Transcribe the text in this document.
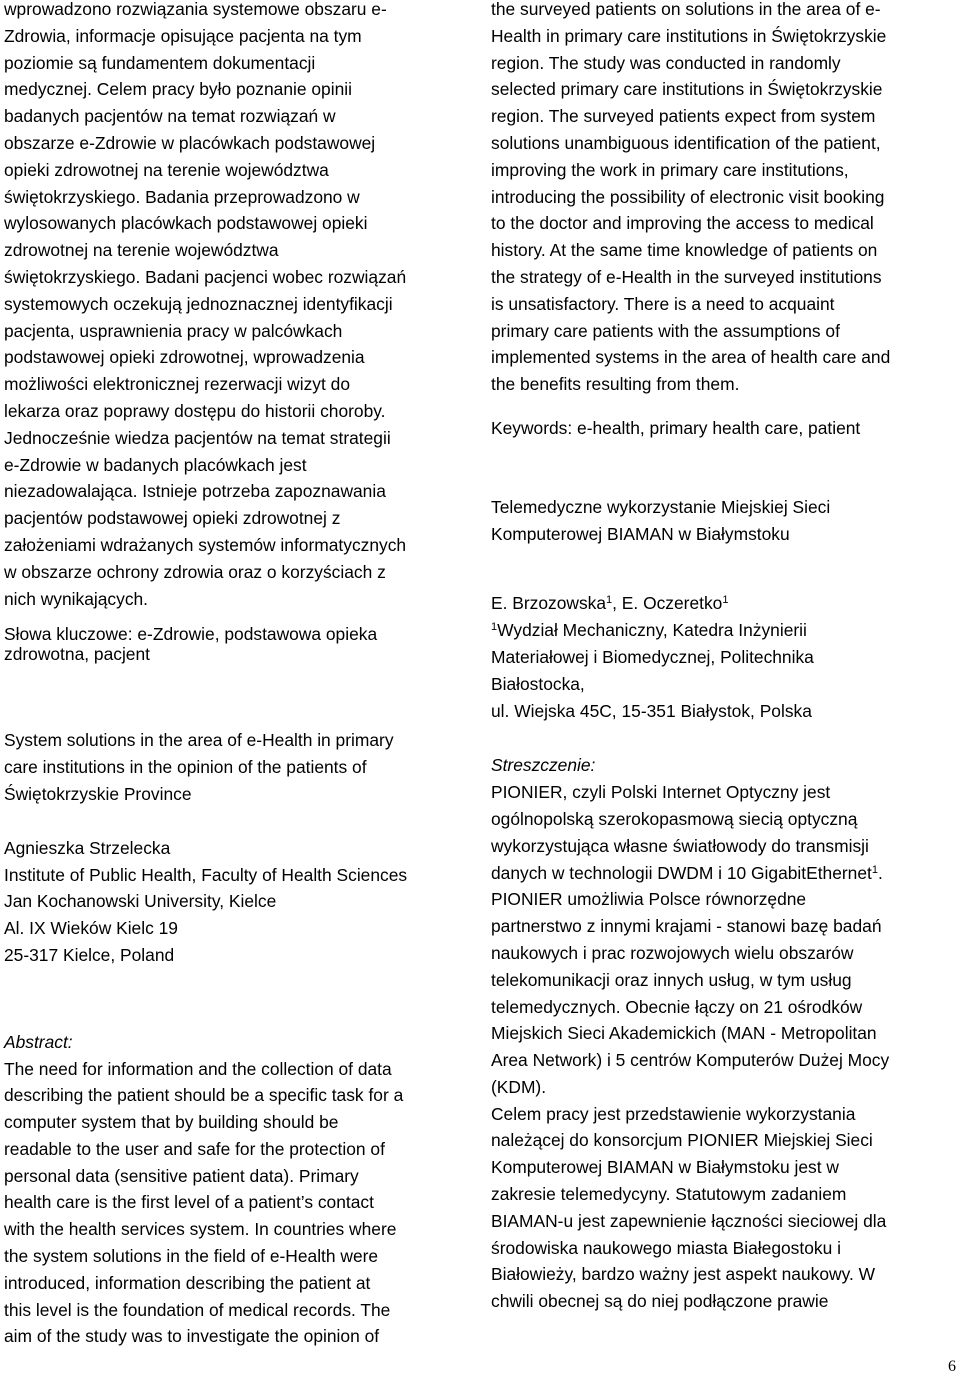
wprowadzono rozwiązania systemowe obszaru e-
Zdrowia, informacje opisujące pacjenta na tym
poziomie są fundamentem dokumentacji
medycznej. Celem pracy było poznanie opinii
badanych pacjentów na temat rozwiązań w
obszarze e-Zdrowie w placówkach podstawowej
opieki zdrowotnej na terenie województwa
świętokrzyskiego. Badania przeprowadzono w
wylosowanych placówkach podstawowej opieki
zdrowotnej na terenie województwa
świętokrzyskiego. Badani pacjenci wobec rozwiązań
systemowych oczekują jednoznacznej identyfikacji
pacjenta, usprawnienia pracy w palcówkach
podstawowej opieki zdrowotnej, wprowadzenia
możliwości elektronicznej rezerwacji wizyt do
lekarza oraz poprawy dostępu do historii choroby.
Jednocześnie wiedza pacjentów na temat strategii
e-Zdrowie w badanych placówkach jest
niezadowalająca. Istnieje potrzeba zapoznawania
pacjentów podstawowej opieki zdrowotnej z
założeniami wdrażanych systemów informatycznych
w obszarze ochrony zdrowia oraz o korzyściach z
nich wynikających.

Słowa kluczowe: e-Zdrowie, podstawowa opieka
zdrowotna, pacjent

System solutions in the area of e-Health in primary
care institutions in the opinion of the patients of
Świętokrzyskie Province

Agnieszka Strzelecka
Institute of Public Health, Faculty of Health Sciences
Jan Kochanowski University, Kielce
Al. IX Wieków Kielc 19
25-317 Kielce, Poland

Abstract:

The need for information and the collection of data
describing the patient should be a specific task for a
computer system that by building should be
readable to the user and safe for the protection of
personal data (sensitive patient data). Primary
health care is the first level of a patient’s contact
with the health services system. In countries where
the system solutions in the field of e-Health were
introduced, information describing the patient at
this level is the foundation of medical records. The
aim of the study was to investigate the opinion of

the surveyed patients on solutions in the area of e-
Health in primary care institutions in Świętokrzyskie
region. The study was conducted in randomly
selected primary care institutions in Świętokrzyskie
region. The surveyed patients expect from system
solutions unambiguous identification of the patient,
improving the work in primary care institutions,
introducing the possibility of electronic visit booking
to the doctor and improving the access to medical
history. At the same time knowledge of patients on
the strategy of e-Health in the surveyed institutions
is unsatisfactory. There is a need to acquaint
primary care patients with the assumptions of
implemented systems in the area of health care and
the benefits resulting from them.

Keywords: e-health, primary health care, patient

Telemedyczne wykorzystanie Miejskiej Sieci
Komputerowej BIAMAN w Białymstoku

E. Brzozowska$^1$, E. Oczeretko$^1$

$^1$Wydział Mechaniczny, Katedra Inżynierii
Materiałowej i Biomedycznej, Politechnika
Białostocka,
ul. Wiejska 45C, 15-351 Białystok, Polska

Streszczenie:

PIONIER, czyli Polski Internet Optyczny jest
ogólnopolską szerokopasmową siecią optyczną
wykorzystująca własne światłowody do transmisji
danych w technologii DWDM i 10 GigabitEthernet$^1$.

PIONIER umożliwia Polsce równorzędne
partnerstwo z innymi krajami - stanowi bazę badań
naukowych i prac rozwojowych wielu obszarów
telekomunikacji oraz innych usług, w tym usług
telemedycznych. Obecnie łączy on 21 ośrodków
Miejskich Sieci Akademickich (MAN - Metropolitan
Area Network) i 5 centrów Komputerów Dużej Mocy
(KDM).
Celem pracy jest przedstawienie wykorzystania
należącej do konsorcjum PIONIER Miejskiej Sieci
Komputerowej BIAMAN w Białymstoku jest w
zakresie telemedycyny. Statutowym zadaniem
BIAMAN-u jest zapewnienie łączności sieciowej dla
środowiska naukowego miasta Białegostoku i
Białowieży, bardzo ważny jest aspekt naukowy. W
chwili obecnej są do niej podłączone prawie

6
